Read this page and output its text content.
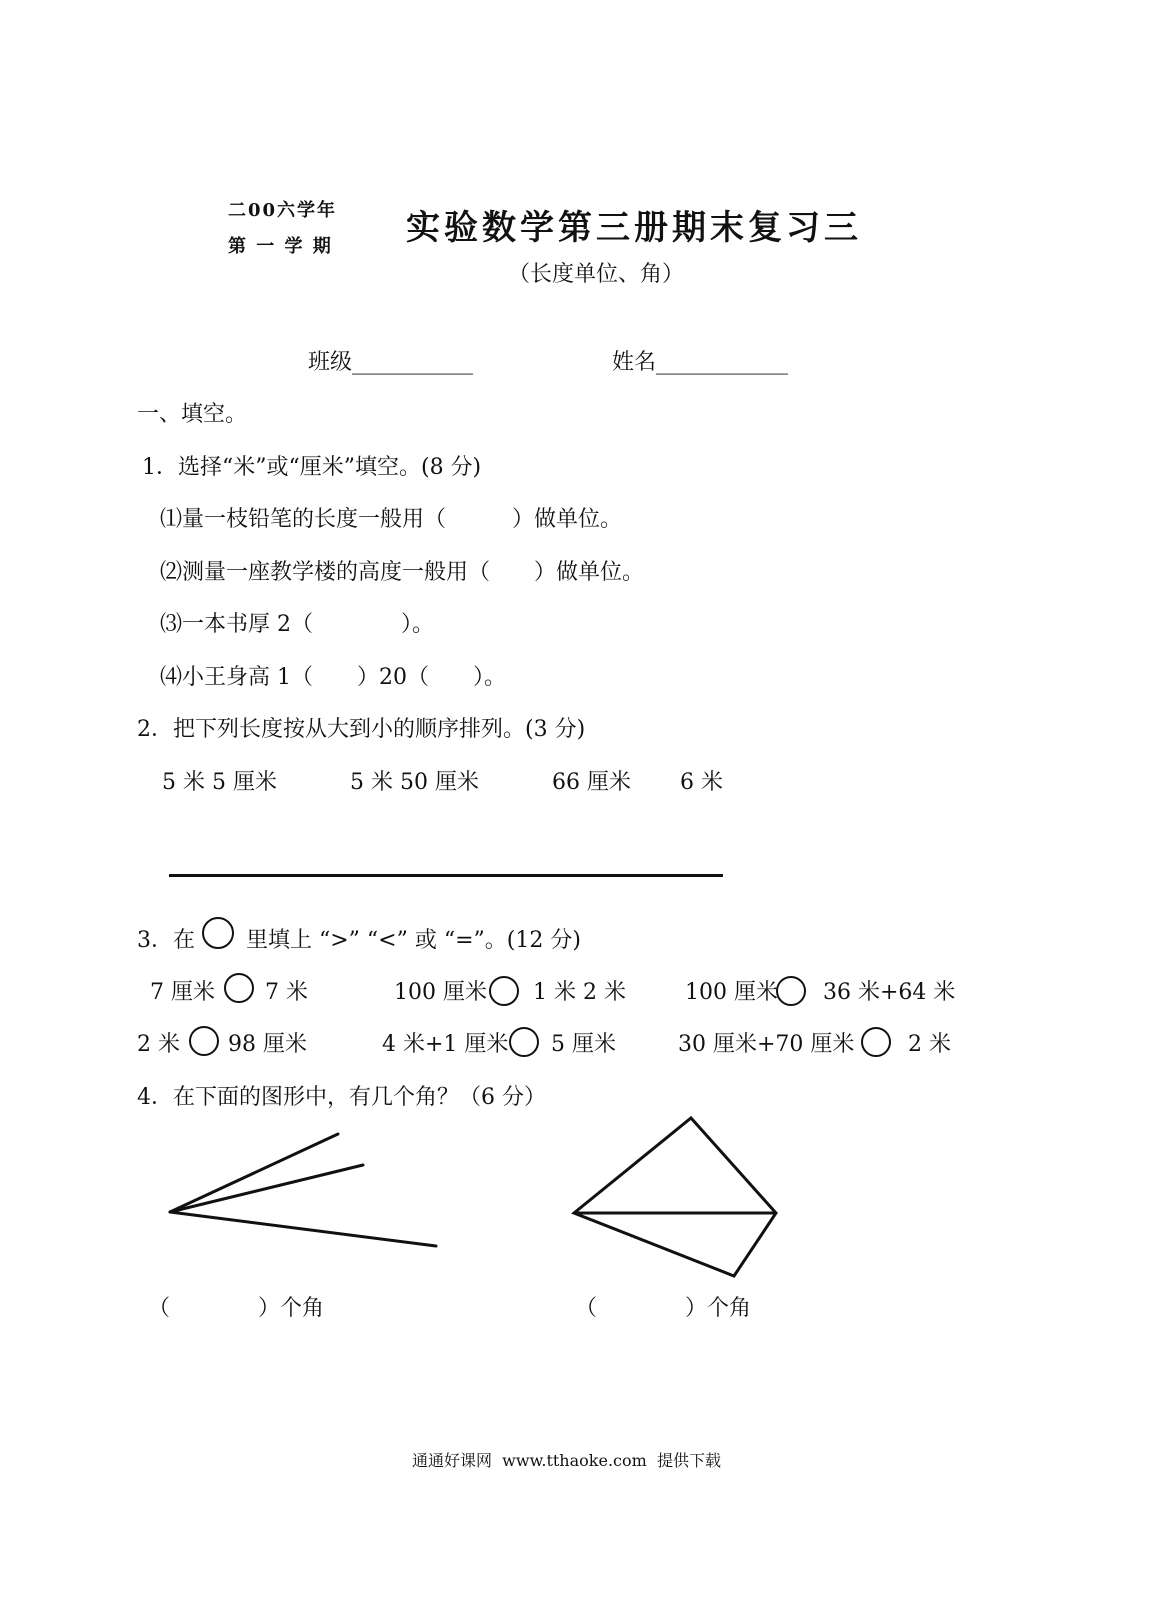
二00六学年
第 一 学 期 实验数学第三册期末复习三
（长度单位、角）
班级___________	姓名____________
一、填空。
1．选择“米”或“厘米”填空。(8 分)
⑴量一枝铅笔的长度一般用（　　　）做单位。
⑵测量一座教学楼的高度一般用（　　）做单位。
⑶一本书厚 2（　　　　）。
⑷小王身高 1（　　）20（　　）。
2．把下列长度按从大到小的顺序排列。(3 分)
5 米 5 厘米	5 米 50 厘米	66 厘米 6 米
3．在 里填上 “>” “<” 或 “=”。(12 分)
7 厘米 7 米	100 厘米 1 米 2 米	100 厘米 36 米+64 米
2 米 98 厘米	4 米+1 厘米 5 厘米	30 厘米+70 厘米 2 米
4．在下面的图形中，有几个角？（6 分）
（　　　　）个角	（　　　　）个角
通通好课网  www.tthaoke.com  提供下载
